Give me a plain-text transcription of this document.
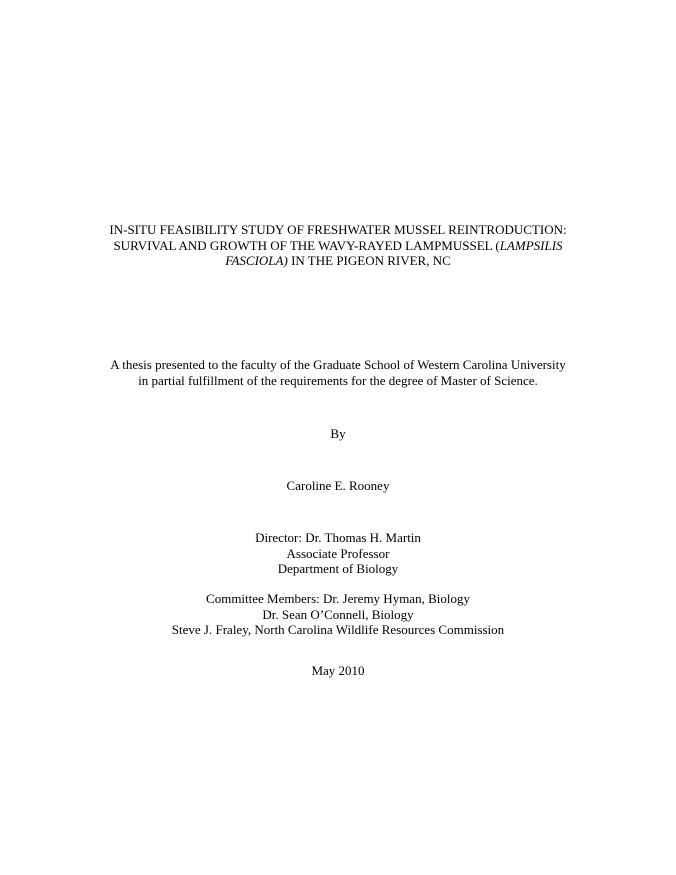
IN-SITU FEASIBILITY STUDY OF FRESHWATER MUSSEL REINTRODUCTION:
SURVIVAL AND GROWTH OF THE WAVY-RAYED LAMPMUSSEL (LAMPSILIS
FASCIOLA) IN THE PIGEON RIVER, NC
A thesis presented to the faculty of the Graduate School of Western Carolina University
in partial fulfillment of the requirements for the degree of Master of Science.
By
Caroline E. Rooney
Director: Dr. Thomas H. Martin
Associate Professor
Department of Biology
Committee Members: Dr. Jeremy Hyman, Biology
Dr. Sean O’Connell, Biology
Steve J. Fraley, North Carolina Wildlife Resources Commission
May 2010
